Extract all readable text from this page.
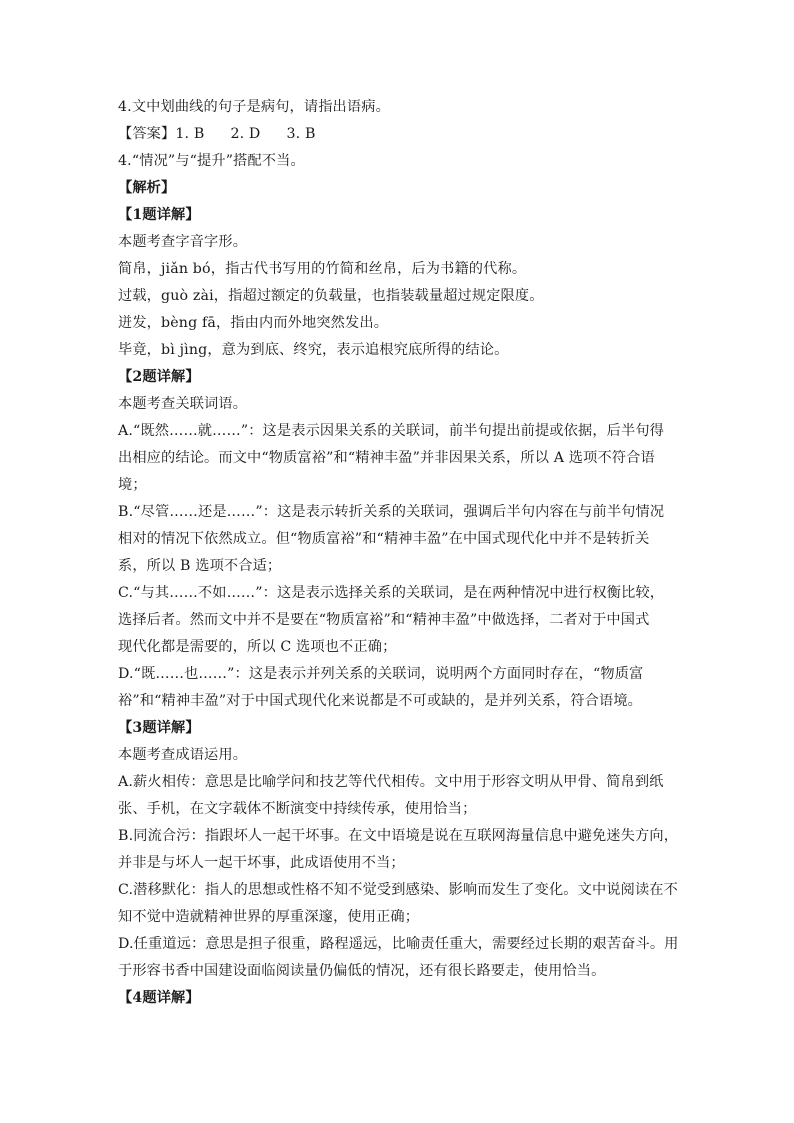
4.文中划曲线的句子是病句，请指出语病。
【答案】1. B 2. D 3. B
4.“情况”与“提升”搭配不当。
【解析】
【1题详解】
本题考查字音字形。
简帛，jiǎn bó，指古代书写用的竹简和丝帛，后为书籍的代称。
过载，guò zài，指超过额定的负载量，也指装载量超过规定限度。
迸发，bèng fā，指由内而外地突然发出。
毕竟，bì jìng，意为到底、终究，表示追根究底所得的结论。
【2题详解】
本题考查关联词语。
A.“既然……就……”：这是表示因果关系的关联词，前半句提出前提或依据，后半句得
出相应的结论。而文中“物质富裕”和“精神丰盈”并非因果关系，所以 A 选项不符合语
境；
B.“尽管……还是……”：这是表示转折关系的关联词，强调后半句内容在与前半句情况
相对的情况下依然成立。但“物质富裕”和“精神丰盈”在中国式现代化中并不是转折关
系，所以 B 选项不合适；
C.“与其……不如……”：这是表示选择关系的关联词，是在两种情况中进行权衡比较，
选择后者。然而文中并不是要在“物质富裕”和“精神丰盈”中做选择，二者对于中国式
现代化都是需要的，所以 C 选项也不正确；
D.“既……也……”：这是表示并列关系的关联词，说明两个方面同时存在，“物质富
裕”和“精神丰盈”对于中国式现代化来说都是不可或缺的，是并列关系，符合语境。
【3题详解】
本题考查成语运用。
A.薪火相传：意思是比喻学问和技艺等代代相传。文中用于形容文明从甲骨、简帛到纸
张、手机，在文字载体不断演变中持续传承，使用恰当；
B.同流合污：指跟坏人一起干坏事。在文中语境是说在互联网海量信息中避免迷失方向，
并非是与坏人一起干坏事，此成语使用不当；
C.潜移默化：指人的思想或性格不知不觉受到感染、影响而发生了变化。文中说阅读在不
知不觉中造就精神世界的厚重深邃，使用正确；
D.任重道远：意思是担子很重，路程遥远，比喻责任重大，需要经过长期的艰苦奋斗。用
于形容书香中国建设面临阅读量仍偏低的情况，还有很长路要走，使用恰当。
【4题详解】
